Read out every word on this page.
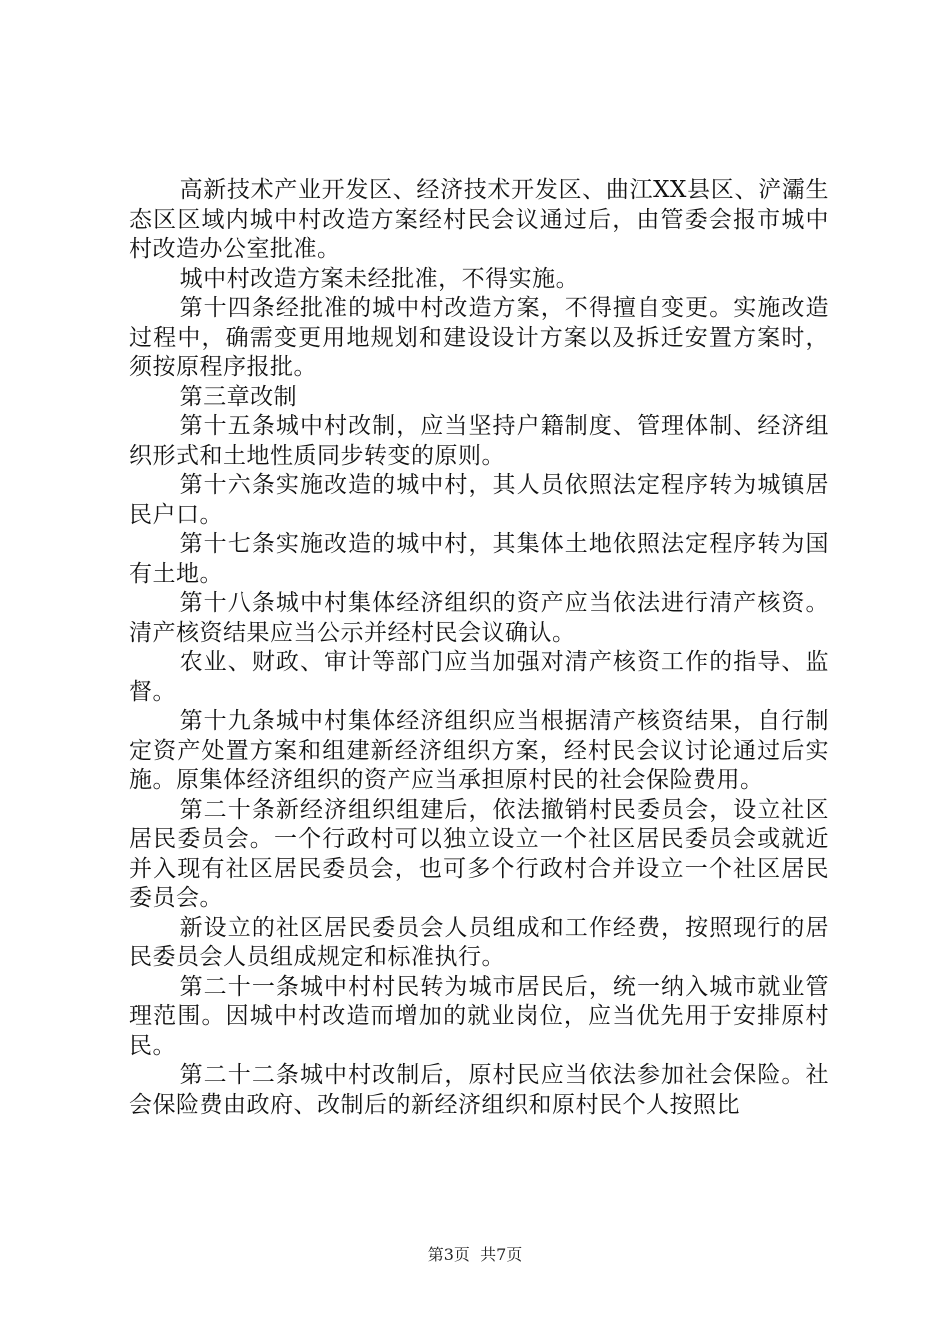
高新技术产业开发区、经济技术开发区、曲江XX县区、浐灞生态区区域内城中村改造方案经村民会议通过后，由管委会报市城中村改造办公室批准。

城中村改造方案未经批准，不得实施。

第十四条经批准的城中村改造方案，不得擅自变更。实施改造过程中，确需变更用地规划和建设设计方案以及拆迁安置方案时，须按原程序报批。

第三章改制

第十五条城中村改制，应当坚持户籍制度、管理体制、经济组织形式和土地性质同步转变的原则。

第十六条实施改造的城中村，其人员依照法定程序转为城镇居民户口。

第十七条实施改造的城中村，其集体土地依照法定程序转为国有土地。

第十八条城中村集体经济组织的资产应当依法进行清产核资。清产核资结果应当公示并经村民会议确认。

农业、财政、审计等部门应当加强对清产核资工作的指导、监督。

第十九条城中村集体经济组织应当根据清产核资结果，自行制定资产处置方案和组建新经济组织方案，经村民会议讨论通过后实施。原集体经济组织的资产应当承担原村民的社会保险费用。

第二十条新经济组织组建后，依法撤销村民委员会，设立社区居民委员会。一个行政村可以独立设立一个社区居民委员会或就近并入现有社区居民委员会，也可多个行政村合并设立一个社区居民委员会。

新设立的社区居民委员会人员组成和工作经费，按照现行的居民委员会人员组成规定和标准执行。

第二十一条城中村村民转为城市居民后，统一纳入城市就业管理范围。因城中村改造而增加的就业岗位，应当优先用于安排原村民。

第二十二条城中村改制后，原村民应当依法参加社会保险。社会保险费由政府、改制后的新经济组织和原村民个人按照比

第3页 共7页
